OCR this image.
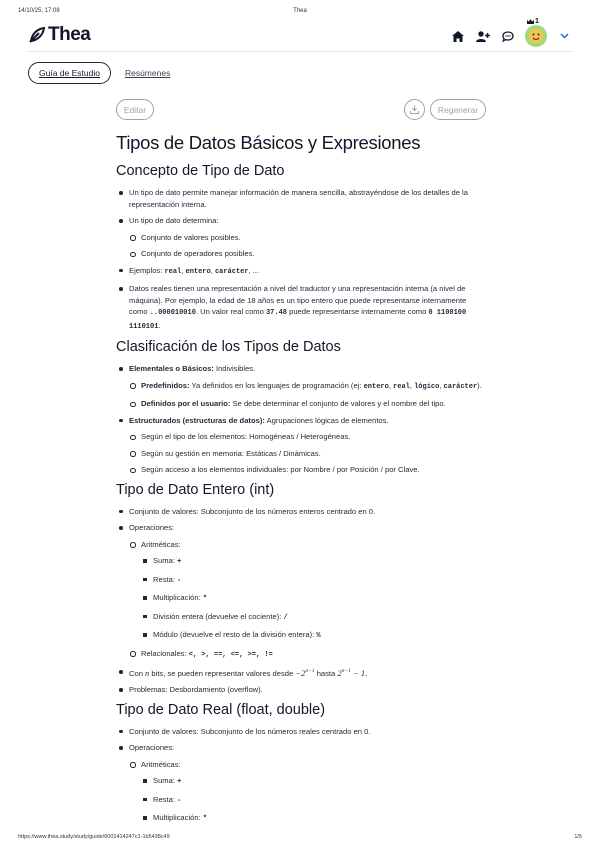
14/10/25, 17:08	Thea
Thea
1
Guía de Estudio	Resúmenes
Editar	Regenerar
Tipos de Datos Básicos y Expresiones
Concepto de Tipo de Dato
Un tipo de dato permite manejar información de manera sencilla, abstrayéndose de los detalles de la representación interna.
Un tipo de dato determina:
Conjunto de valores posibles.
Conjunto de operadores posibles.
Ejemplos: real, entero, carácter, ...
Datos reales tienen una representación a nivel del traductor y una representación interna (a nivel de máquina). Por ejemplo, la edad de 18 años es un tipo entero que puede representarse internamente como ..000010010. Un valor real como 37.48 puede representarse internamente como 0 1100100 1110101.
Clasificación de los Tipos de Datos
Elementales o Básicos: Indivisibles.
Predefinidos: Ya definidos en los lenguajes de programación (ej: entero, real, lógico, carácter).
Definidos por el usuario: Se debe determinar el conjunto de valores y el nombre del tipo.
Estructurados (estructuras de datos): Agrupaciones lógicas de elementos.
Según el tipo de los elementos: Homogéneas / Heterogéneas.
Según su gestión en memoria: Estáticas / Dinámicas.
Según acceso a los elementos individuales: por Nombre / por Posición / por Clave.
Tipo de Dato Entero (int)
Conjunto de valores: Subconjunto de los números enteros centrado en 0.
Operaciones:
Aritméticas:
Suma: +
Resta: -
Multiplicación: *
División entera (devuelve el cociente): /
Módulo (devuelve el resto de la división entera): %
Relacionales: <, >, ==, <=, >=, !=
Con n bits, se pueden representar valores desde $-2^{n-1}$ hasta $2^{n-1} - 1$.
Problemas: Desbordamiento (overflow).
Tipo de Dato Real (float, double)
Conjunto de valores: Subconjunto de los números reales centrado en 0.
Operaciones:
Aritméticas:
Suma: +
Resta: -
Multiplicación: *
https://www.thea.study/study/guide/6001414247c1-1b5438c49	1/5
